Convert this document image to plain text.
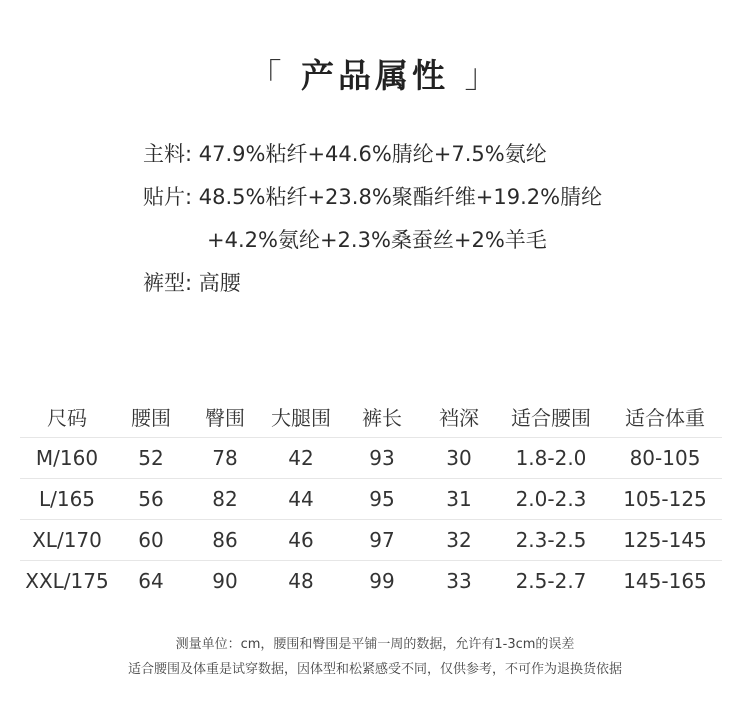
「 产品属性 」
主料: 47.9%粘纤+44.6%腈纶+7.5%氨纶
贴片: 48.5%粘纤+23.8%聚酯纤维+19.2%腈纶
+4.2%氨纶+2.3%桑蚕丝+2%羊毛
裤型: 高腰
尺码	腰围	臀围	大腿围	裤长	裆深	适合腰围	适合体重
M/160	52	78	42	93	30	1.8-2.0	80-105
L/165	56	82	44	95	31	2.0-2.3	105-125
XL/170	60	86	46	97	32	2.3-2.5	125-145
XXL/175	64	90	48	99	33	2.5-2.7	145-165
测量单位：cm，腰围和臀围是平铺一周的数据，允许有1-3cm的误差
适合腰围及体重是试穿数据，因体型和松紧感受不同，仅供参考，不可作为退换货依据
